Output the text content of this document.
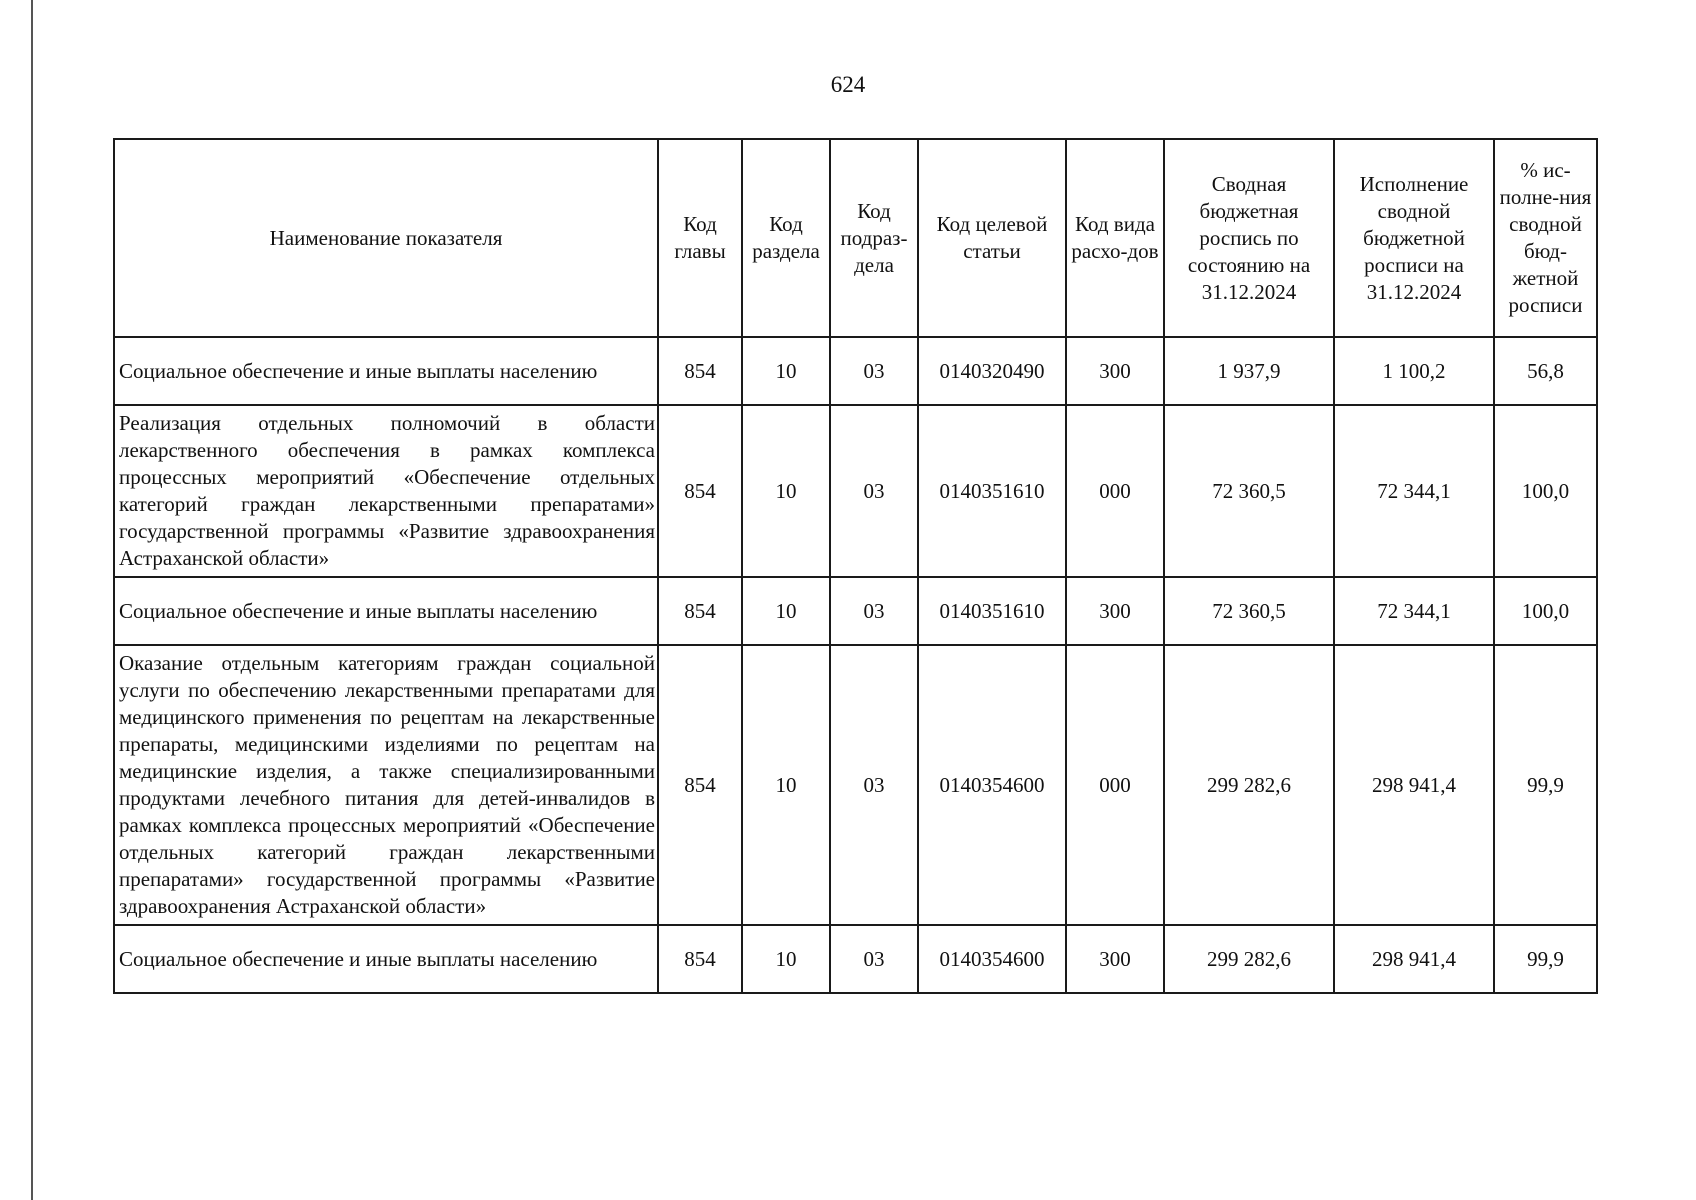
624
Наименование показателя	Код главы	Код раздела	Код подраз-дела	Код целевой статьи	Код вида расхо-дов	Сводная бюджетная роспись по состоянию на 31.12.2024	Исполнение сводной бюджетной росписи на 31.12.2024	% ис-полне-ния сводной бюд-жетной росписи
Социальное обеспечение и иные выплаты населению	854	10	03	0140320490	300	1 937,9	1 100,2	56,8
Реализация отдельных полномочий в области лекарственного обеспечения в рамках комплекса процессных мероприятий «Обеспечение отдельных категорий граждан лекарственными препаратами» государственной программы «Развитие здравоохранения Астраханской области»	854	10	03	0140351610	000	72 360,5	72 344,1	100,0
Социальное обеспечение и иные выплаты населению	854	10	03	0140351610	300	72 360,5	72 344,1	100,0
Оказание отдельным категориям граждан социальной услуги по обеспечению лекарственными препаратами для медицинского применения по рецептам на лекарственные препараты, медицинскими изделиями по рецептам на медицинские изделия, а также специализированными продуктами лечебного питания для детей-инвалидов в рамках комплекса процессных мероприятий «Обеспечение отдельных категорий граждан лекарственными препаратами» государственной программы «Развитие здравоохранения Астраханской области»	854	10	03	0140354600	000	299 282,6	298 941,4	99,9
Социальное обеспечение и иные выплаты населению	854	10	03	0140354600	300	299 282,6	298 941,4	99,9
